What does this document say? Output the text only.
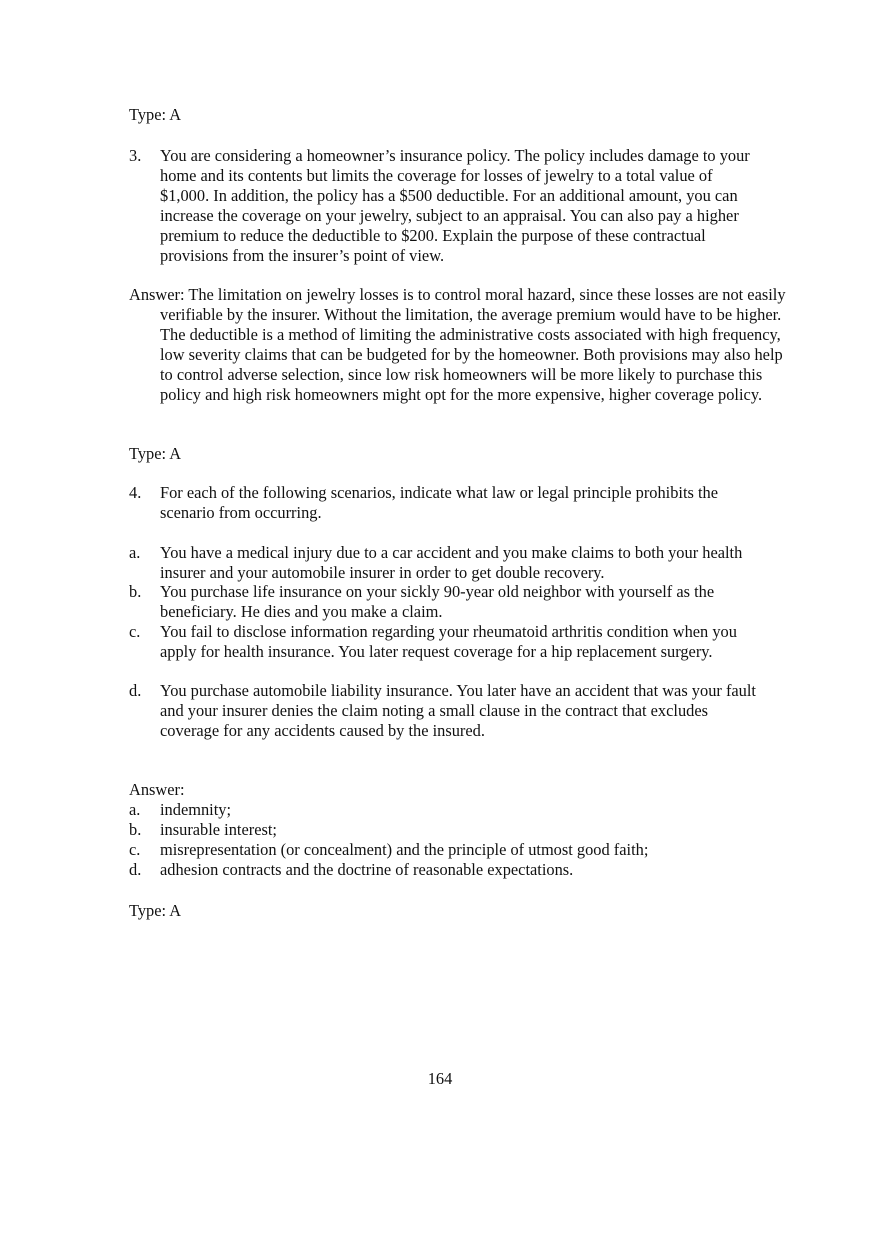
Type: A

3.	You are considering a homeowner’s insurance policy. The policy includes damage to your home and its contents but limits the coverage for losses of jewelry to a total value of $1,000. In addition, the policy has a $500 deductible. For an additional amount, you can increase the coverage on your jewelry, subject to an appraisal. You can also pay a higher premium to reduce the deductible to $200. Explain the purpose of these contractual provisions from the insurer’s point of view.

Answer: The limitation on jewelry losses is to control moral hazard, since these losses are not easily verifiable by the insurer. Without the limitation, the average premium would have to be higher. The deductible is a method of limiting the administrative costs associated with high frequency, low severity claims that can be budgeted for by the homeowner. Both provisions may also help to control adverse selection, since low risk homeowners will be more likely to purchase this policy and high risk homeowners might opt for the more expensive, higher coverage policy.

Type: A

4.	For each of the following scenarios, indicate what law or legal principle prohibits the scenario from occurring.
a.	You have a medical injury due to a car accident and you make claims to both your health insurer and your automobile insurer in order to get double recovery.
b.	You purchase life insurance on your sickly 90-year old neighbor with yourself as the beneficiary. He dies and you make a claim.
c.	You fail to disclose information regarding your rheumatoid arthritis condition when you apply for health insurance. You later request coverage for a hip replacement surgery.
d.	You purchase automobile liability insurance. You later have an accident that was your fault and your insurer denies the claim noting a small clause in the contract that excludes coverage for any accidents caused by the insured.

Answer:

a. indemnity;
b. insurable interest;
c. misrepresentation (or concealment) and the principle of utmost good faith;
d. adhesion contracts and the doctrine of reasonable expectations.

Type: A

164
